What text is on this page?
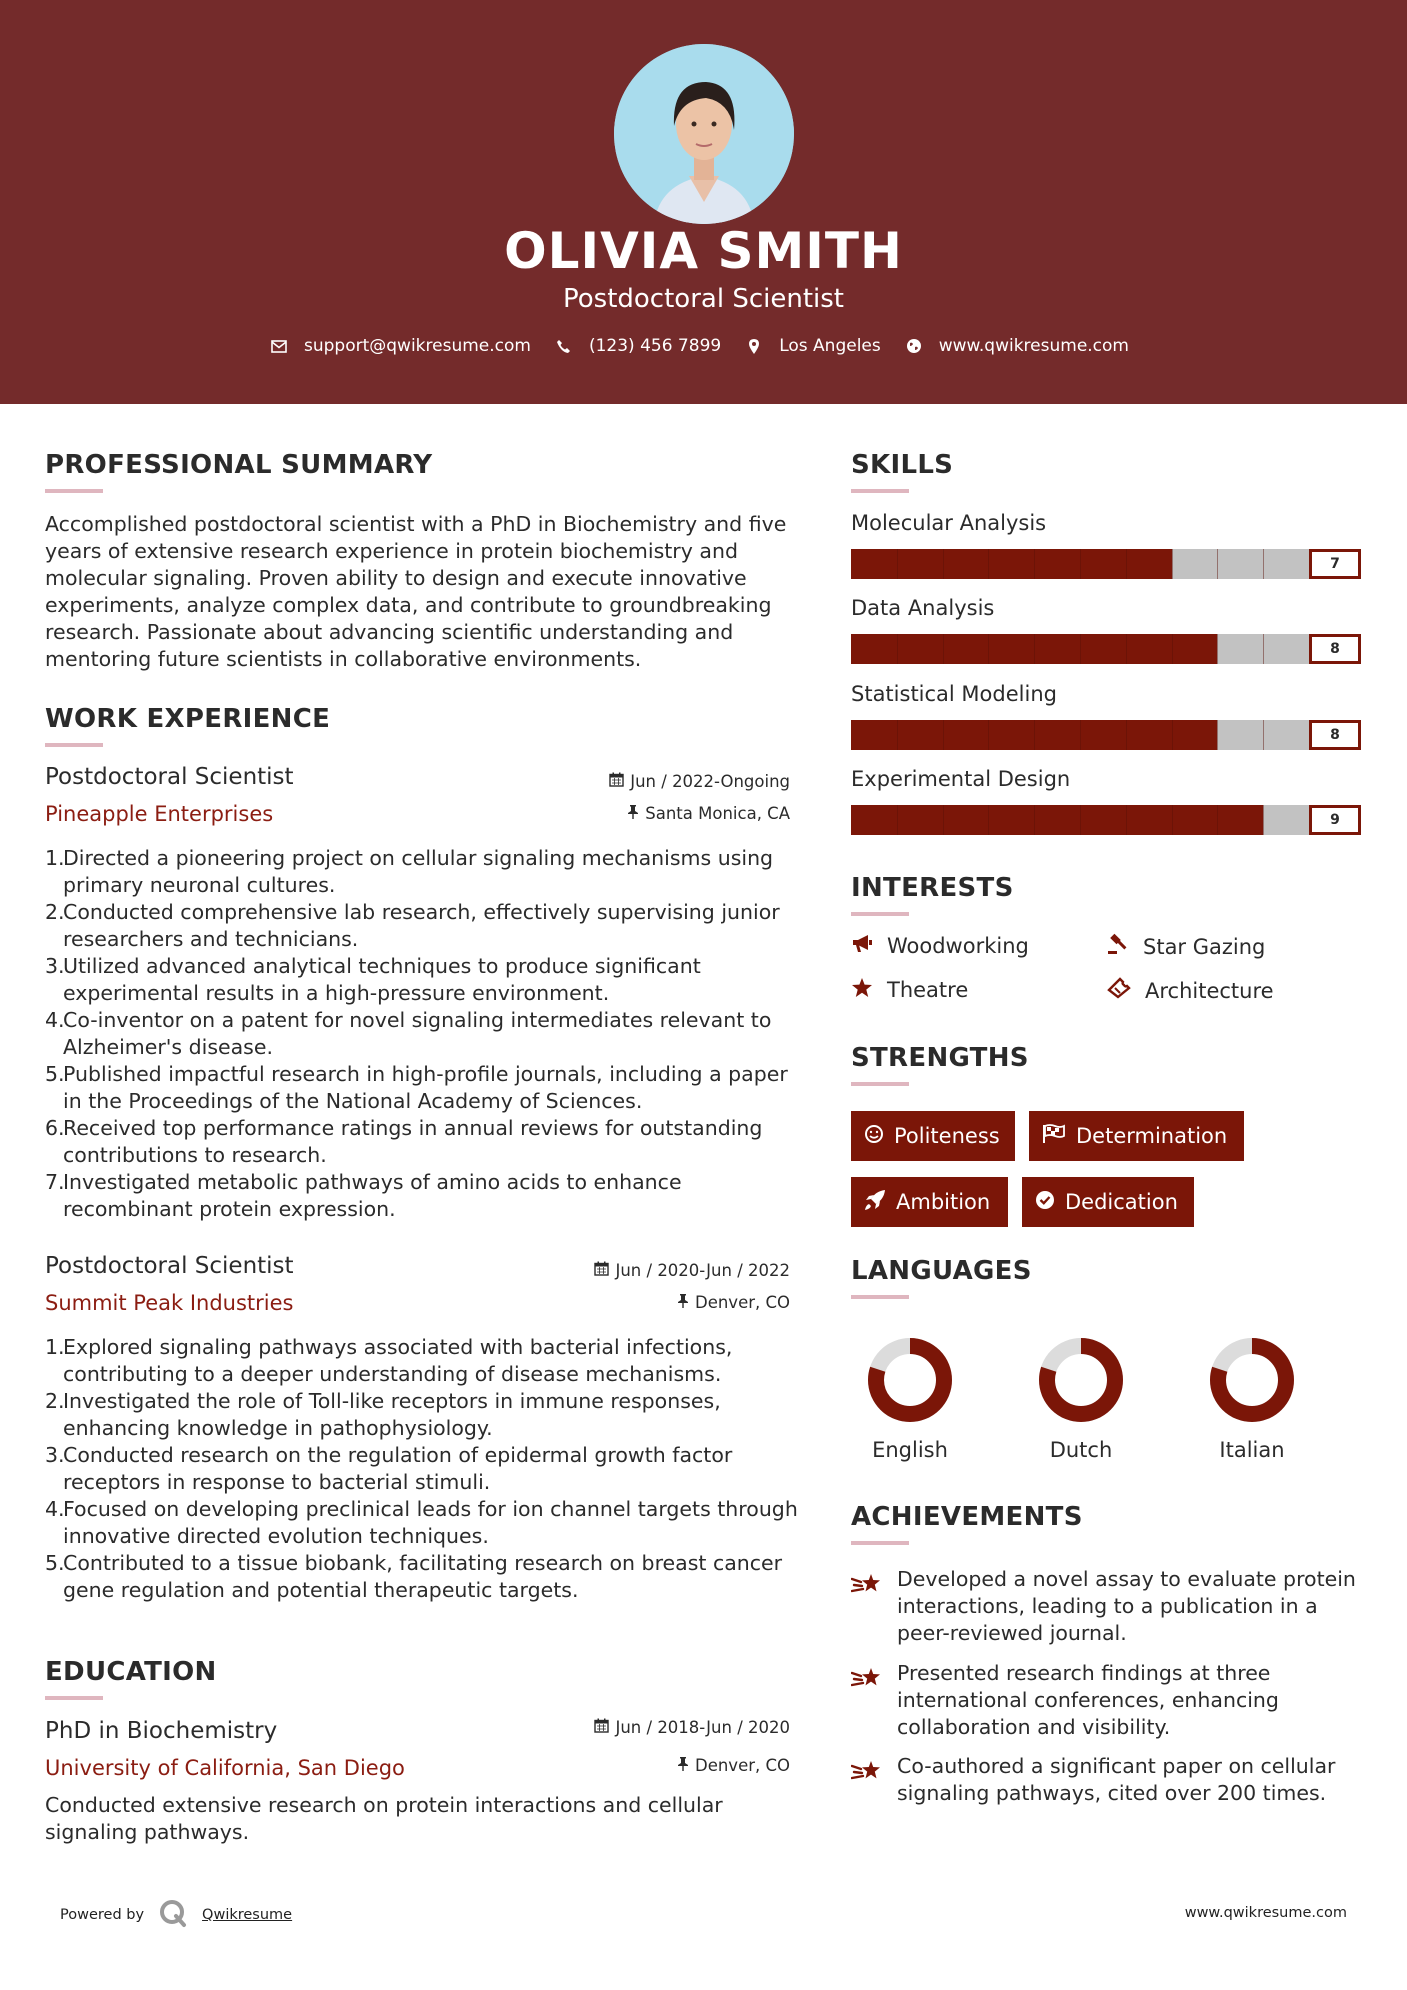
OLIVIA SMITH
Postdoctoral Scientist
support@qwikresume.com	(123) 456 7899	Los Angeles	www.qwikresume.com
PROFESSIONAL SUMMARY
Accomplished postdoctoral scientist with a PhD in Biochemistry and five years of extensive research experience in protein biochemistry and molecular signaling. Proven ability to design and execute innovative experiments, analyze complex data, and contribute to groundbreaking research. Passionate about advancing scientific understanding and mentoring future scientists in collaborative environments.
WORK EXPERIENCE
Postdoctoral Scientist
Pineapple Enterprises
Jun / 2022-Ongoing
Santa Monica, CA
1.
Directed a pioneering project on cellular signaling mechanisms using primary neuronal cultures.
2.
Conducted comprehensive lab research, effectively supervising junior researchers and technicians.
3.
Utilized advanced analytical techniques to produce significant experimental results in a high-pressure environment.
4.
Co-inventor on a patent for novel signaling intermediates relevant to Alzheimer's disease.
5.
Published impactful research in high-profile journals, including a paper in the Proceedings of the National Academy of Sciences.
6.
Received top performance ratings in annual reviews for outstanding contributions to research.
7.
Investigated metabolic pathways of amino acids to enhance recombinant protein expression.
Postdoctoral Scientist
Summit Peak Industries
Jun / 2020-Jun / 2022
Denver, CO
1.
Explored signaling pathways associated with bacterial infections, contributing to a deeper understanding of disease mechanisms.
2.
Investigated the role of Toll-like receptors in immune responses, enhancing knowledge in pathophysiology.
3.
Conducted research on the regulation of epidermal growth factor receptors in response to bacterial stimuli.
4.
Focused on developing preclinical leads for ion channel targets through innovative directed evolution techniques.
5.
Contributed to a tissue biobank, facilitating research on breast cancer gene regulation and potential therapeutic targets.
EDUCATION
PhD in Biochemistry
University of California, San Diego
Jun / 2018-Jun / 2020
Denver, CO
Conducted extensive research on protein interactions and cellular signaling pathways.
SKILLS
Molecular Analysis
7
Data Analysis
8
Statistical Modeling
8
Experimental Design
9
INTERESTS
Woodworking	Star Gazing
Theatre	Architecture
STRENGTHS
Politeness	Determination
Ambition	Dedication
LANGUAGES
English	Dutch	Italian
ACHIEVEMENTS
Developed a novel assay to evaluate protein interactions, leading to a publication in a peer-reviewed journal.
Presented research findings at three international conferences, enhancing collaboration and visibility.
Co-authored a significant paper on cellular signaling pathways, cited over 200 times.
Powered by	Qwikresume	www.qwikresume.com
